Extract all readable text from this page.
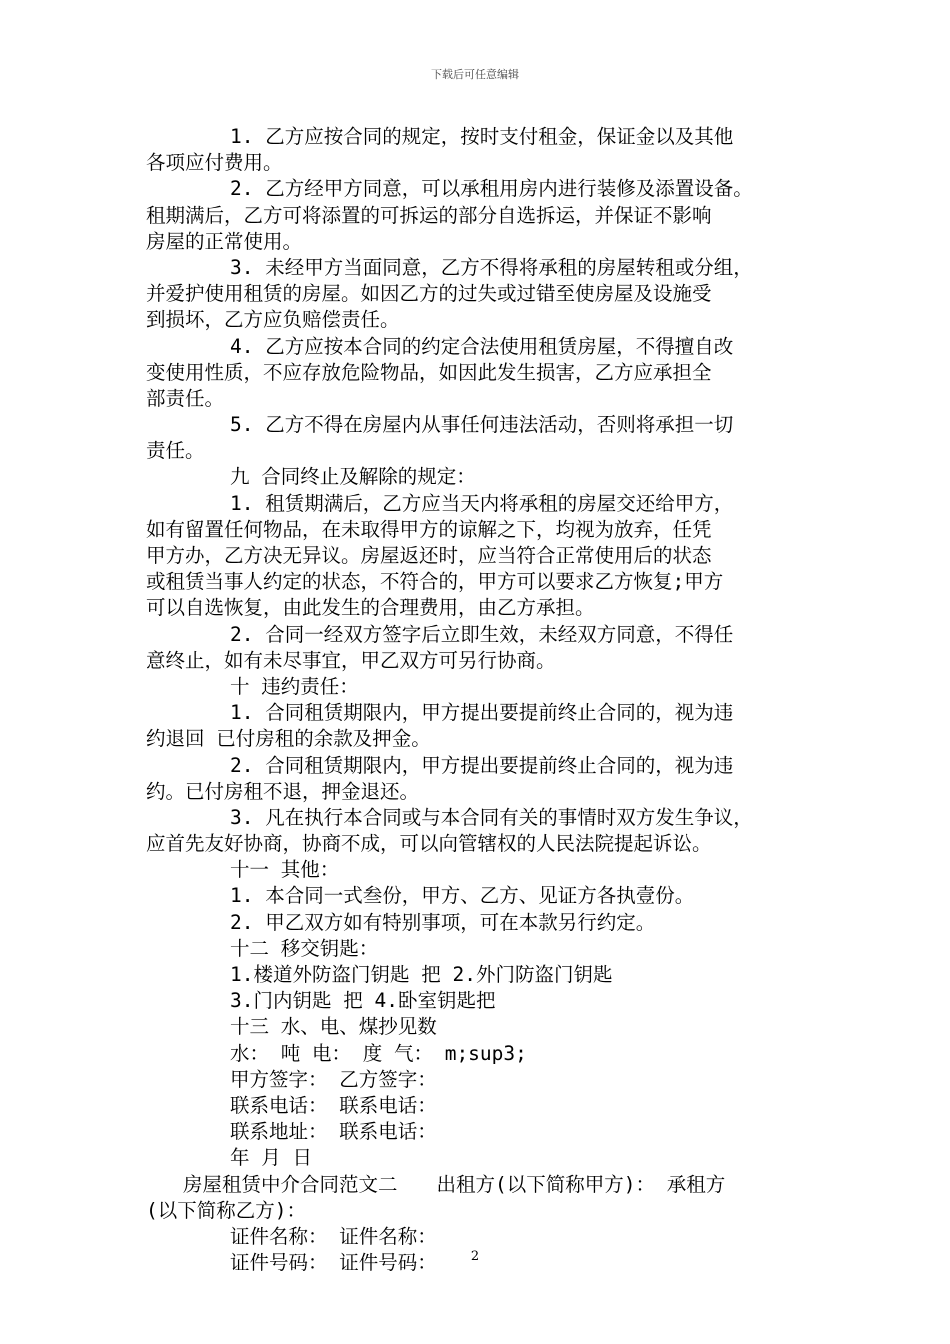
下载后可任意编辑
1. 乙方应按合同的规定，按时支付租金，保证金以及其他
各项应付费用。
2. 乙方经甲方同意，可以承租用房内进行装修及添置设备。
租期满后，乙方可将添置的可拆运的部分自选拆运，并保证不影响
房屋的正常使用。
3. 未经甲方当面同意，乙方不得将承租的房屋转租或分组，
并爱护使用租赁的房屋。如因乙方的过失或过错至使房屋及设施受
到损坏，乙方应负赔偿责任。
4. 乙方应按本合同的约定合法使用租赁房屋，不得擅自改
变使用性质，不应存放危险物品，如因此发生损害，乙方应承担全
部责任。
5. 乙方不得在房屋内从事任何违法活动，否则将承担一切
责任。
九 合同终止及解除的规定：
1. 租赁期满后，乙方应当天内将承租的房屋交还给甲方，
如有留置任何物品，在未取得甲方的谅解之下，均视为放弃，任凭
甲方办，乙方决无异议。房屋返还时，应当符合正常使用后的状态
或租赁当事人约定的状态，不符合的，甲方可以要求乙方恢复;甲方
可以自选恢复，由此发生的合理费用，由乙方承担。
2. 合同一经双方签字后立即生效，未经双方同意，不得任
意终止，如有未尽事宜，甲乙双方可另行协商。
十 违约责任：
1. 合同租赁期限内，甲方提出要提前终止合同的，视为违
约退回 已付房租的余款及押金。
2. 合同租赁期限内，甲方提出要提前终止合同的，视为违
约。已付房租不退，押金退还。
3. 凡在执行本合同或与本合同有关的事情时双方发生争议，
应首先友好协商，协商不成，可以向管辖权的人民法院提起诉讼。
十一 其他：
1. 本合同一式叁份，甲方、乙方、见证方各执壹份。
2. 甲乙双方如有特别事项，可在本款另行约定。
十二 移交钥匙：
1.楼道外防盗门钥匙 把 2.外门防盗门钥匙
3.门内钥匙 把 4.卧室钥匙把
十三 水、电、煤抄见数
水： 吨 电： 度 气： m;sup3;
甲方签字： 乙方签字：
联系电话： 联系电话：
联系地址： 联系电话：
年 月 日
房屋租赁中介合同范文二　　出租方(以下简称甲方)： 承租方
(以下简称乙方)：
证件名称： 证件名称：
证件号码： 证件号码：	2
